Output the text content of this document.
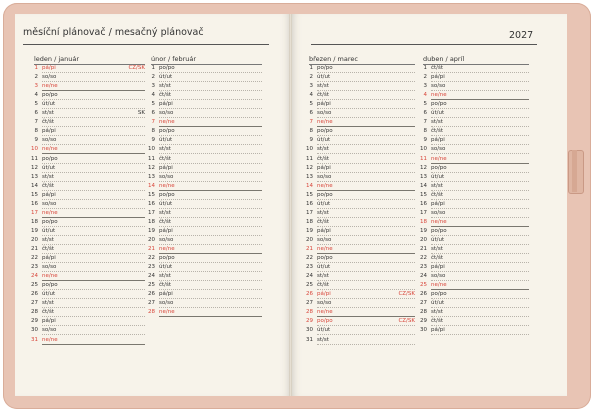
měsíční plánovač / mesačný plánovač	2027
leden / január
1 pá/pi	CZ/SK
2 so/so
3 ne/ne
4 po/po
5 út/ut
6 st/st	SK
7 čt/št
8 pá/pi
9 so/so
10 ne/ne
11 po/po
12 út/ut
13 st/st
14 čt/št
15 pá/pi
16 so/so
17 ne/ne
18 po/po
19 út/ut
20 st/st
21 čt/št
22 pá/pi
23 so/so
24 ne/ne
25 po/po
26 út/ut
27 st/st
28 čt/št
29 pá/pi
30 so/so
31 ne/ne
únor / február
1 po/po
2 út/ut
3 st/st
4 čt/št
5 pá/pi
6 so/so
7 ne/ne
8 po/po
9 út/ut
10 st/st
11 čt/št
12 pá/pi
13 so/so
14 ne/ne
15 po/po
16 út/ut
17 st/st
18 čt/št
19 pá/pi
20 so/so
21 ne/ne
22 po/po
23 út/ut
24 st/st
25 čt/št
26 pá/pi
27 so/so
28 ne/ne
březen / marec
1 po/po
2 út/ut
3 st/st
4 čt/št
5 pá/pi
6 so/so
7 ne/ne
8 po/po
9 út/ut
10 st/st
11 čt/št
12 pá/pi
13 so/so
14 ne/ne
15 po/po
16 út/ut
17 st/st
18 čt/št
19 pá/pi
20 so/so
21 ne/ne
22 po/po
23 út/ut
24 st/st
25 čt/št
26 pá/pi	CZ/SK
27 so/so
28 ne/ne
29 po/po	CZ/SK
30 út/ut
31 st/st
duben / apríl
1 čt/št
2 pá/pi
3 so/so
4 ne/ne
5 po/po
6 út/ut
7 st/st
8 čt/št
9 pá/pi
10 so/so
11 ne/ne
12 po/po
13 út/ut
14 st/st
15 čt/št
16 pá/pi
17 so/so
18 ne/ne
19 po/po
20 út/ut
21 st/st
22 čt/št
23 pá/pi
24 so/so
25 ne/ne
26 po/po
27 út/ut
28 st/st
29 čt/št
30 pá/pi
